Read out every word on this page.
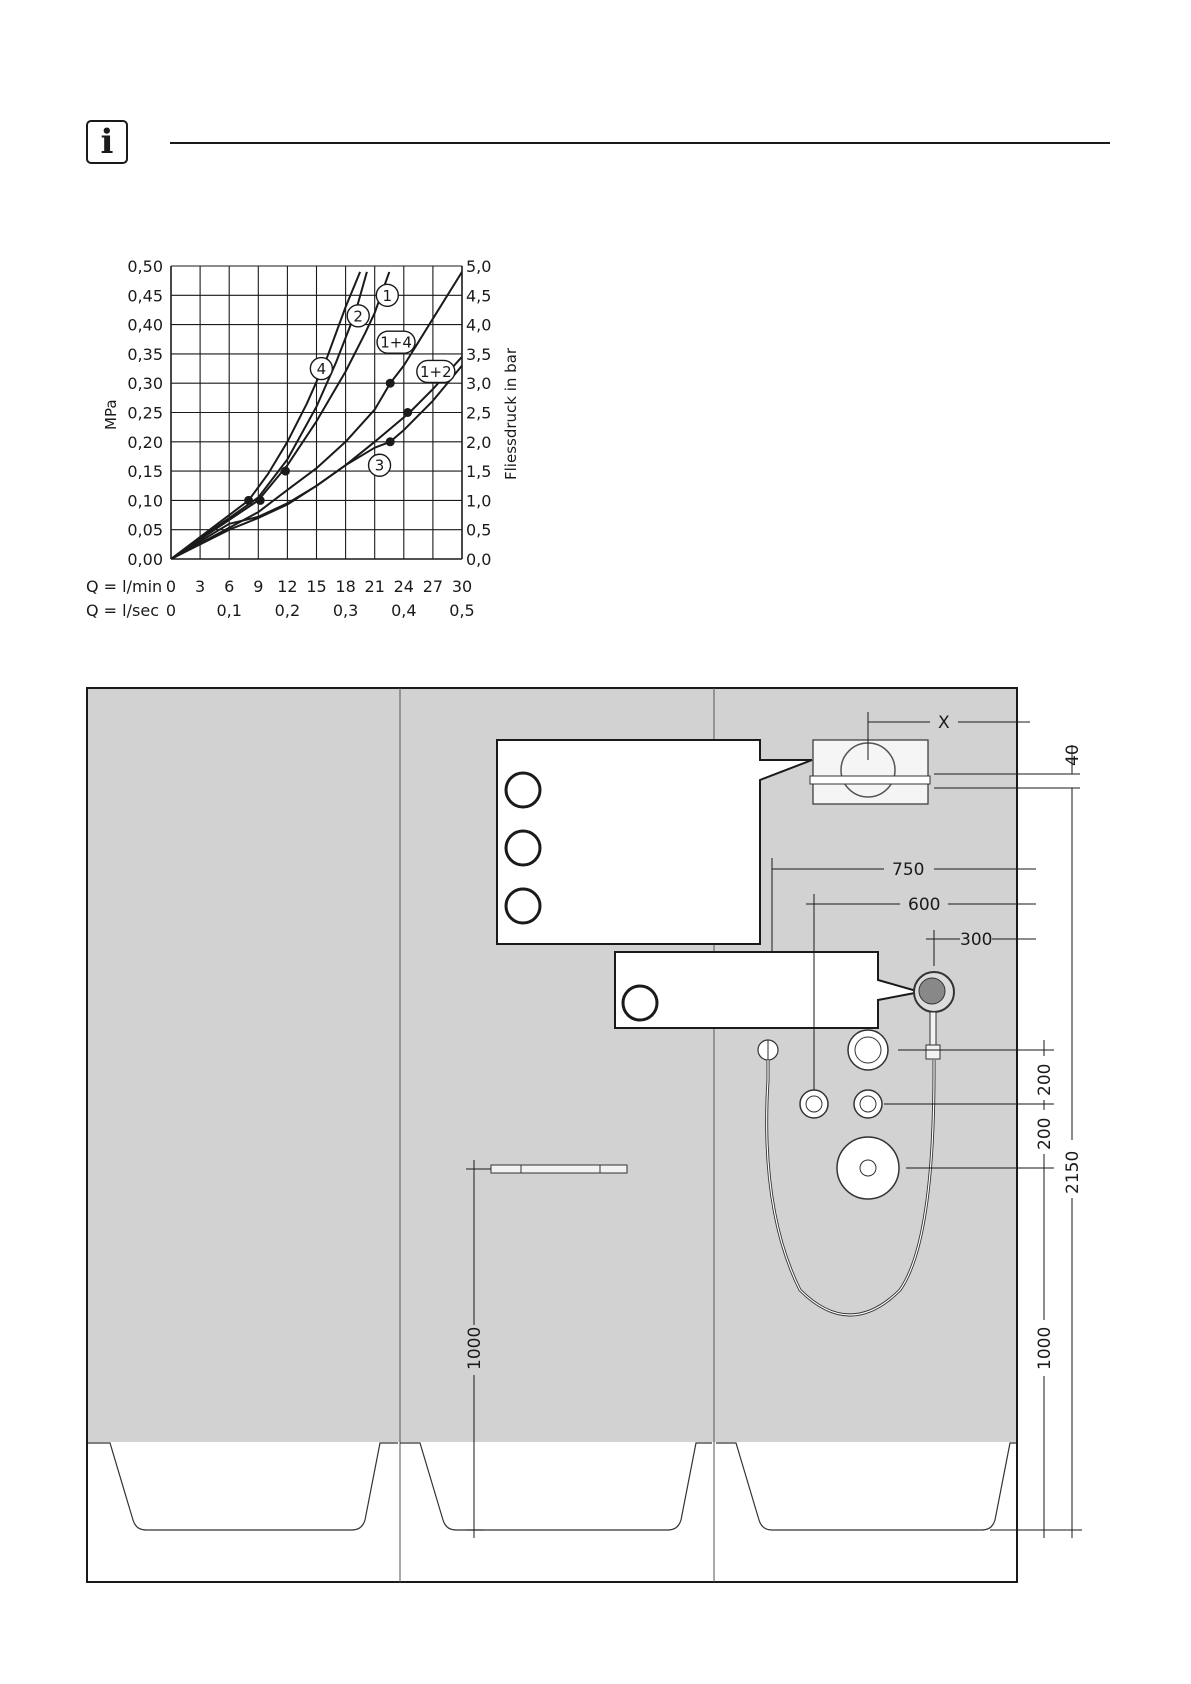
i
1
2
4
1+4
1+2
3
0,00
0,05
0,10
0,15
0,20
0,25
0,30
0,35
0,40
0,45
0,50
0,0
0,5
1,0
1,5
2,0
2,5
3,0
3,5
4,0
4,5
5,0
0 3 6 9 12 15 18 21 24 27 30
0	0,1 0,2 0,3 0,4 0,5
Q = l/min
Q = l/sec
MPa	Fliessdruck in bar
1000
X
40
750
600
300
200
200
2150
1000
